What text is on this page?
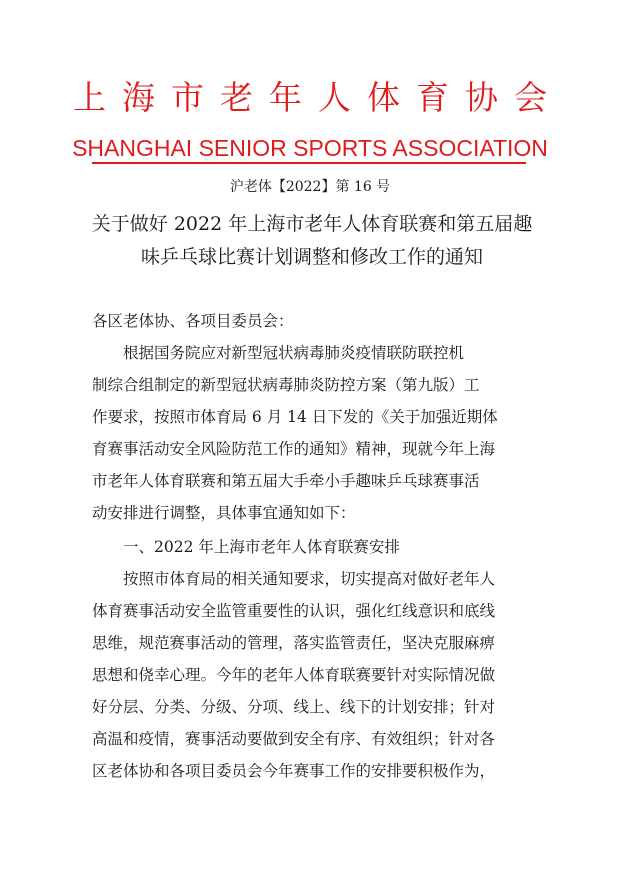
上海市老年人体育协会
SHANGHAI SENIOR SPORTS ASSOCIATION
沪老体【2022】第 16 号
关于做好 2022 年上海市老年人体育联赛和第五届趣
味乒乓球比赛计划调整和修改工作的通知
各区老体协、各项目委员会：
　　根据国务院应对新型冠状病毒肺炎疫情联防联控机
制综合组制定的新型冠状病毒肺炎防控方案（第九版）工
作要求，按照市体育局 6 月 14 日下发的《关于加强近期体
育赛事活动安全风险防范工作的通知》精神，现就今年上海
市老年人体育联赛和第五届大手牵小手趣味乒乓球赛事活
动安排进行调整，具体事宜通知如下：
　　一、2022 年上海市老年人体育联赛安排
　　按照市体育局的相关通知要求，切实提高对做好老年人
体育赛事活动安全监管重要性的认识，强化红线意识和底线
思维，规范赛事活动的管理，落实监管责任，坚决克服麻痹
思想和侥幸心理。今年的老年人体育联赛要针对实际情况做
好分层、分类、分级、分项、线上、线下的计划安排；针对
高温和疫情，赛事活动要做到安全有序、有效组织；针对各
区老体协和各项目委员会今年赛事工作的安排要积极作为，
